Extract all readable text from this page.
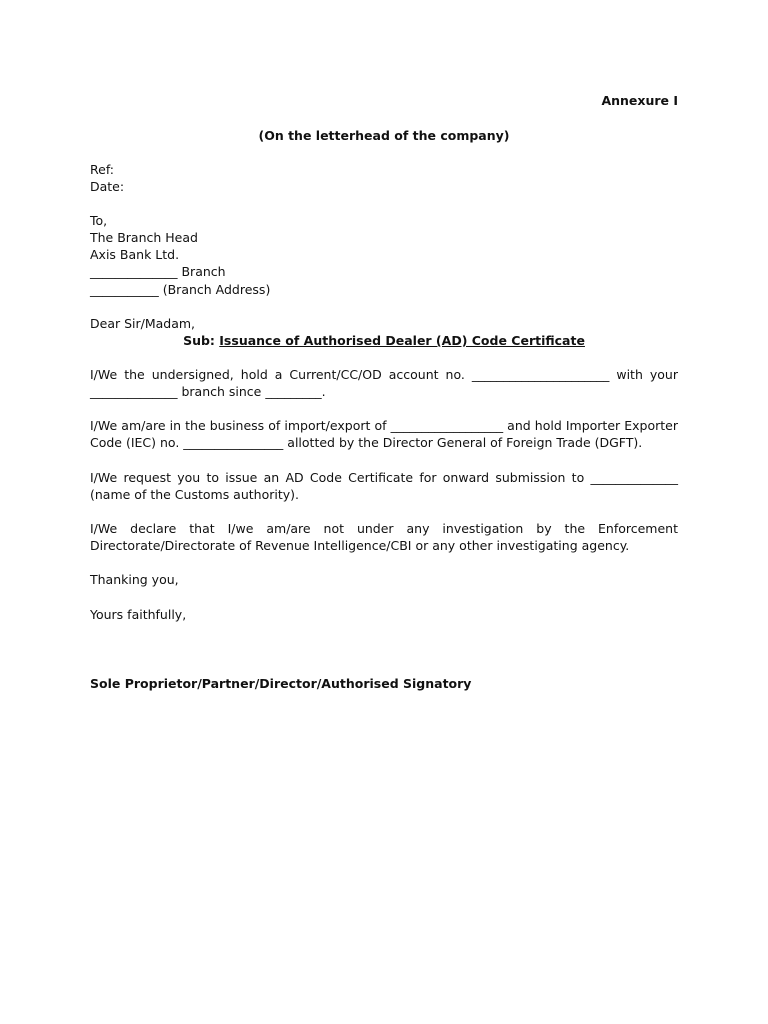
Annexure I
(On the letterhead of the company)
Ref:
Date:
To,
The Branch Head
Axis Bank Ltd.
______________ Branch
___________ (Branch Address)
Dear Sir/Madam,
Sub: Issuance of Authorised Dealer (AD) Code Certificate
I/We the undersigned, hold a Current/CC/OD account no. ______________________ with your ______________ branch since _________.
I/We am/are in the business of import/export of __________________ and hold Importer Exporter Code (IEC) no. ________________ allotted by the Director General of Foreign Trade (DGFT).
I/We request you to issue an AD Code Certificate for onward submission to ______________ (name of the Customs authority).
I/We declare that I/we am/are not under any investigation by the Enforcement Directorate/Directorate of Revenue Intelligence/CBI or any other investigating agency.
Thanking you,
Yours faithfully,
Sole Proprietor/Partner/Director/Authorised Signatory
